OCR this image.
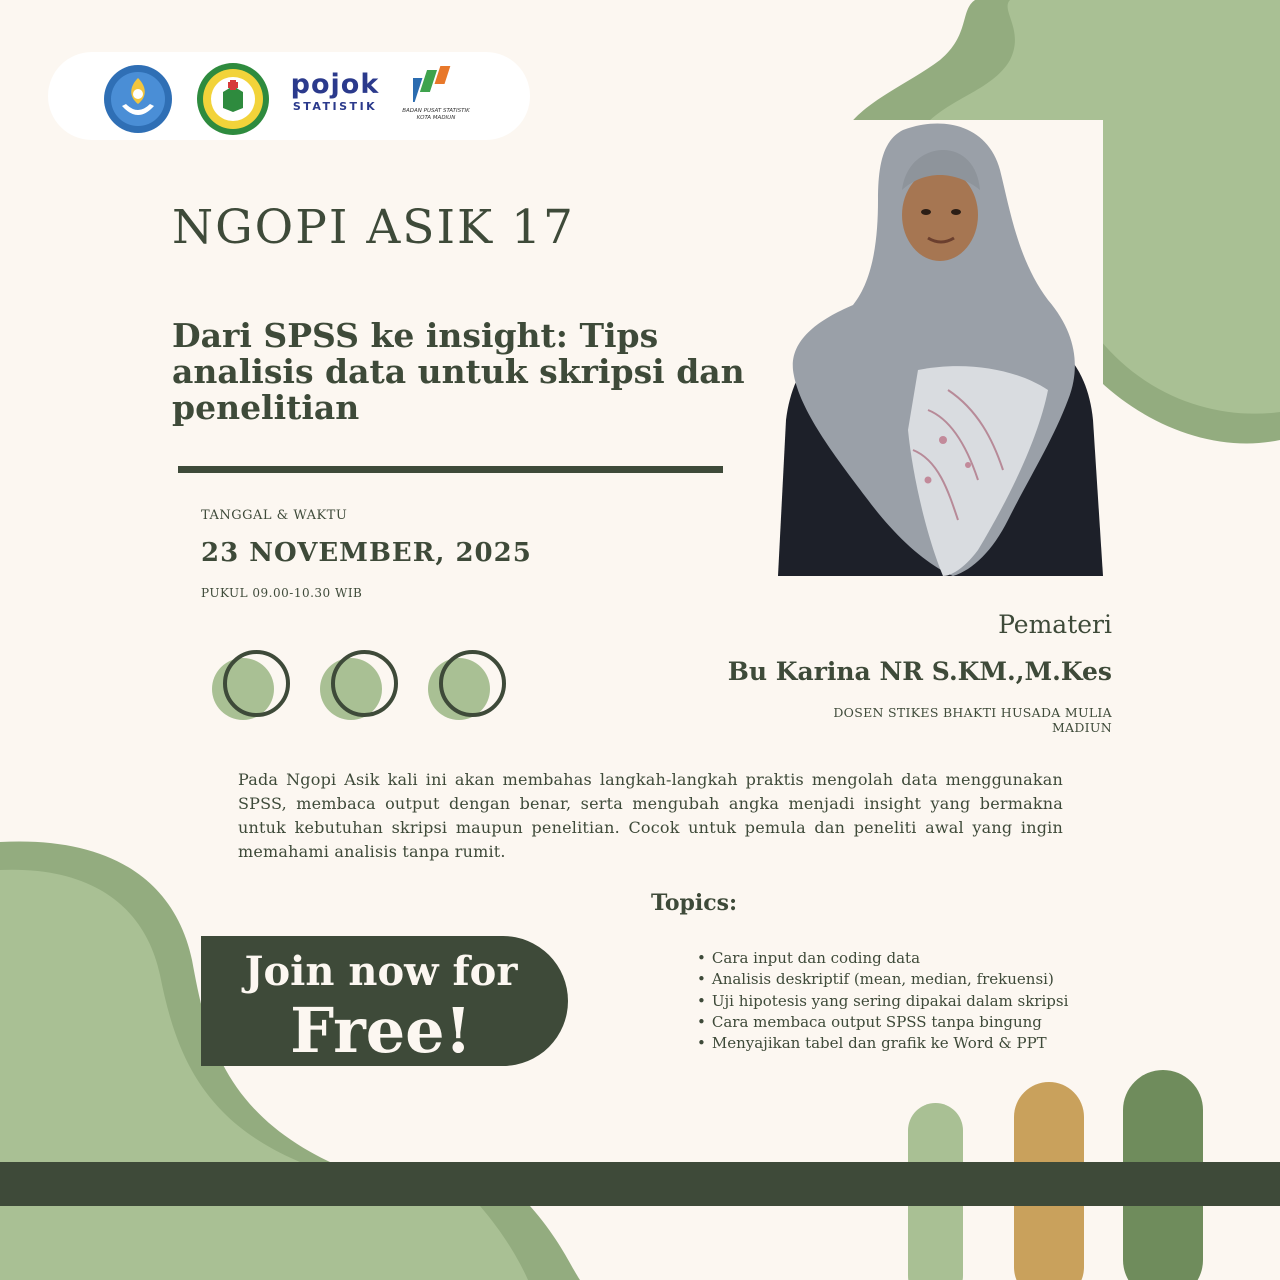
pojok
STATISTIK	BADAN PUSAT STATISTIK
KOTA MADIUN
NGOPI ASIK 17
Dari SPSS ke insight: Tips analisis data untuk skripsi dan penelitian
TANGGAL & WAKTU
23 NOVEMBER, 2025
PUKUL 09.00-10.30 WIB
Pemateri
Bu Karina NR S.KM.,M.Kes
DOSEN STIKES BHAKTI HUSADA MULIA MADIUN

Pada Ngopi Asik kali ini akan membahas langkah-langkah praktis mengolah data menggunakan SPSS, membaca output dengan benar, serta mengubah angka menjadi insight yang bermakna untuk kebutuhan skripsi maupun penelitian. Cocok untuk pemula dan peneliti awal yang ingin memahami analisis tanpa rumit.

Topics:
• Cara input dan coding data
• Analisis deskriptif (mean, median, frekuensi)
• Uji hipotesis yang sering dipakai dalam skripsi
• Cara membaca output SPSS tanpa bingung
• Menyajikan tabel dan grafik ke Word & PPT
Join now for
Free!
